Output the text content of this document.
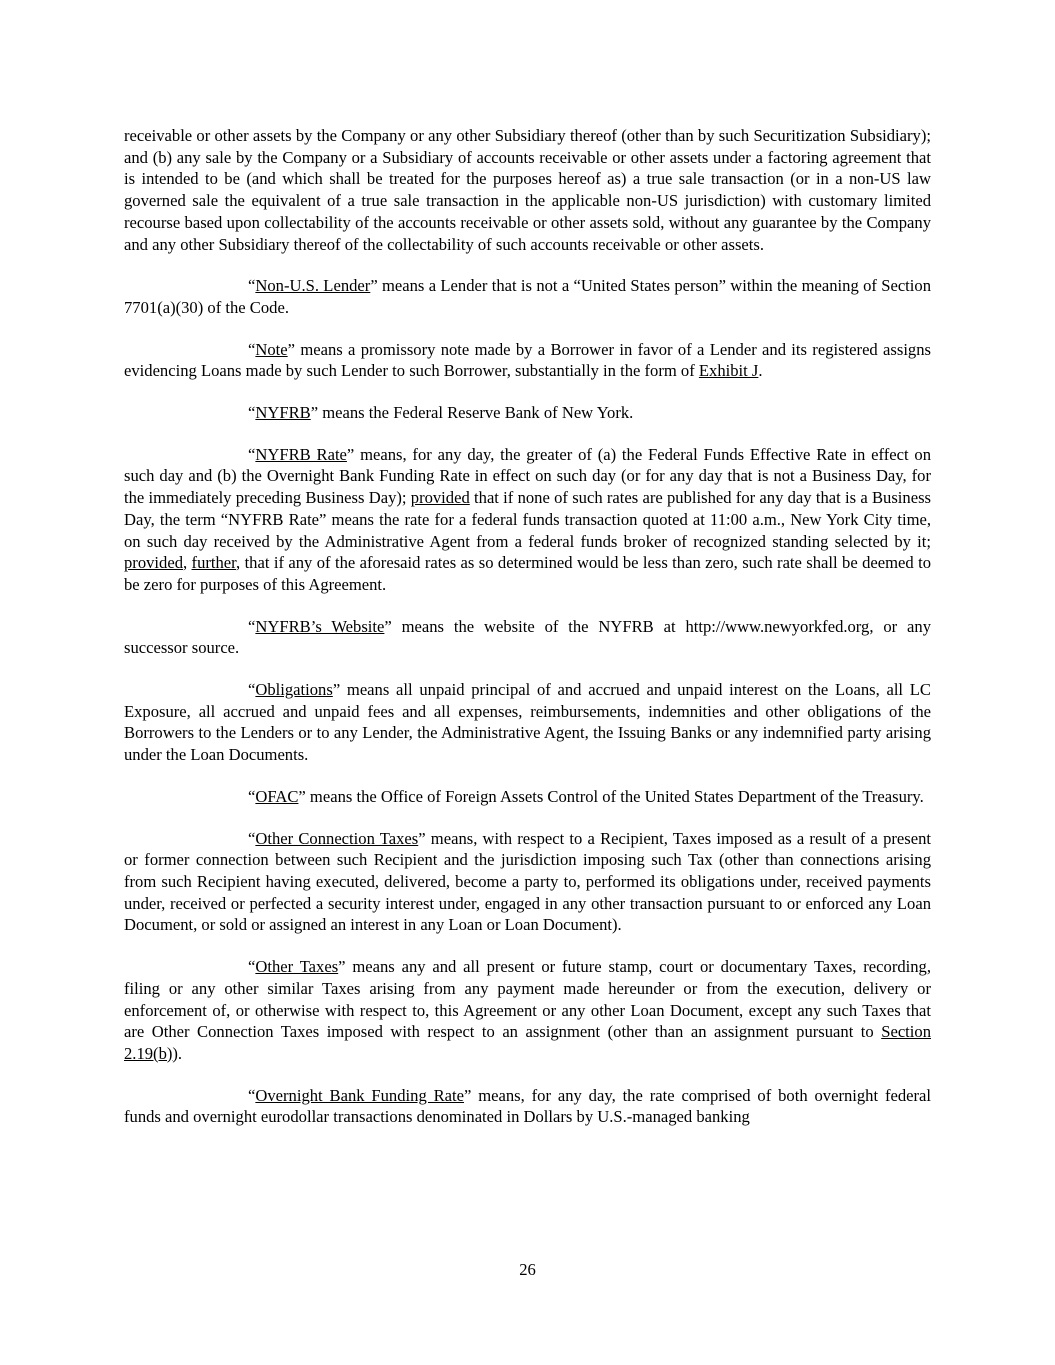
receivable or other assets by the Company or any other Subsidiary thereof (other than by such Securitization Subsidiary); and (b) any sale by the Company or a Subsidiary of accounts receivable or other assets under a factoring agreement that is intended to be (and which shall be treated for the purposes hereof as) a true sale transaction (or in a non-US law governed sale the equivalent of a true sale transaction in the applicable non-US jurisdiction) with customary limited recourse based upon collectability of the accounts receivable or other assets sold, without any guarantee by the Company and any other Subsidiary thereof of the collectability of such accounts receivable or other assets.

“Non-U.S. Lender” means a Lender that is not a “United States person” within the meaning of Section 7701(a)(30) of the Code.

“Note” means a promissory note made by a Borrower in favor of a Lender and its registered assigns evidencing Loans made by such Lender to such Borrower, substantially in the form of Exhibit J.

“NYFRB” means the Federal Reserve Bank of New York.

“NYFRB Rate” means, for any day, the greater of (a) the Federal Funds Effective Rate in effect on such day and (b) the Overnight Bank Funding Rate in effect on such day (or for any day that is not a Business Day, for the immediately preceding Business Day); provided that if none of such rates are published for any day that is a Business Day, the term “NYFRB Rate” means the rate for a federal funds transaction quoted at 11:00 a.m., New York City time, on such day received by the Administrative Agent from a federal funds broker of recognized standing selected by it; provided, further, that if any of the aforesaid rates as so determined would be less than zero, such rate shall be deemed to be zero for purposes of this Agreement.

“NYFRB’s Website” means the website of the NYFRB at http://www.newyorkfed.org, or any successor source.

“Obligations” means all unpaid principal of and accrued and unpaid interest on the Loans, all LC Exposure, all accrued and unpaid fees and all expenses, reimbursements, indemnities and other obligations of the Borrowers to the Lenders or to any Lender, the Administrative Agent, the Issuing Banks or any indemnified party arising under the Loan Documents.

“OFAC” means the Office of Foreign Assets Control of the United States Department of the Treasury.

“Other Connection Taxes” means, with respect to a Recipient, Taxes imposed as a result of a present or former connection between such Recipient and the jurisdiction imposing such Tax (other than connections arising from such Recipient having executed, delivered, become a party to, performed its obligations under, received payments under, received or perfected a security interest under, engaged in any other transaction pursuant to or enforced any Loan Document, or sold or assigned an interest in any Loan or Loan Document).

“Other Taxes” means any and all present or future stamp, court or documentary Taxes, recording, filing or any other similar Taxes arising from any payment made hereunder or from the execution, delivery or enforcement of, or otherwise with respect to, this Agreement or any other Loan Document, except any such Taxes that are Other Connection Taxes imposed with respect to an assignment (other than an assignment pursuant to Section 2.19(b)).

“Overnight Bank Funding Rate” means, for any day, the rate comprised of both overnight federal funds and overnight eurodollar transactions denominated in Dollars by U.S.-managed banking

26
